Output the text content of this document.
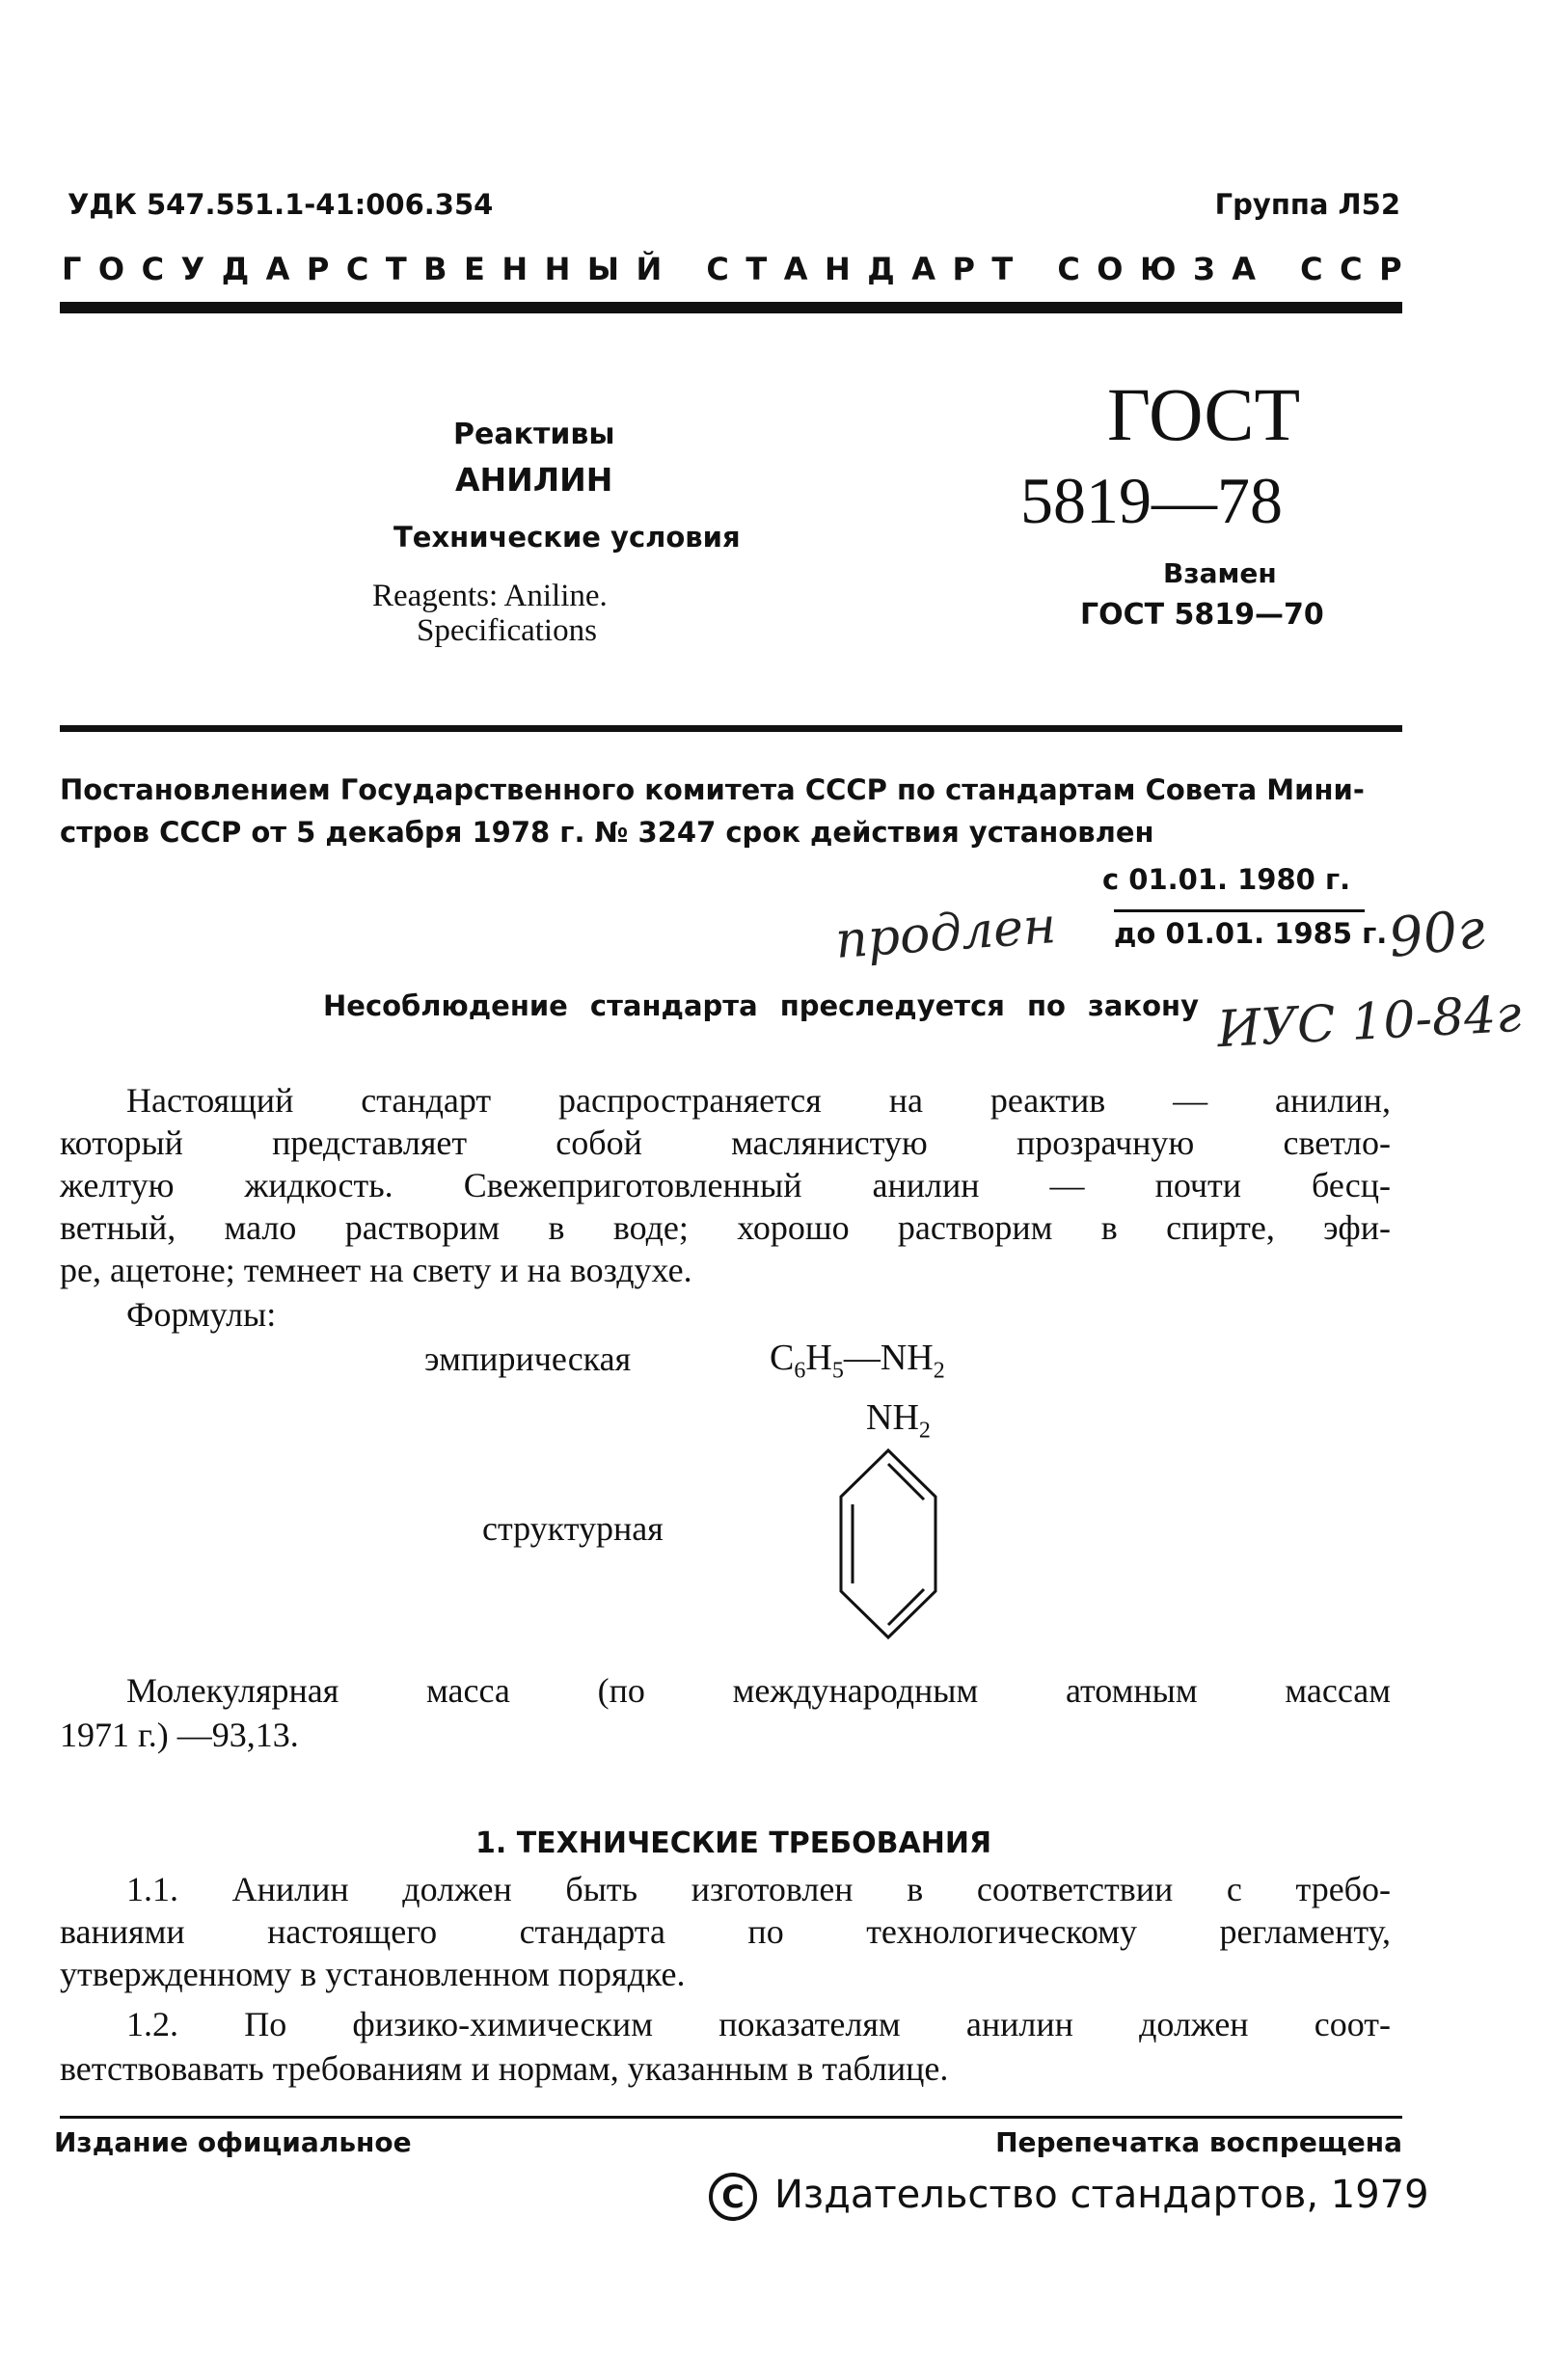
УДК 547.551.1-41:006.354	Группа Л52
Г О С У Д А Р С Т В Е Н Н Ы Й
С Т А Н Д А Р Т
С О Ю З А
С С Р
Реактивы
АНИЛИН
Технические условия
Reagents: Aniline.
Specifications
ГОСТ
5819—78
Взамен
ГОСТ 5819—70
Постановлением Государственного комитета СССР по стандартам Совета Мини-
стров СССР от 5 декабря 1978 г. № 3247 срок действия установлен
с 01.01. 1980 г.
до 01.01. 1985 г.
продлен	90г
Несоблюдение стандарта преследуется по закону ИУС 10-84г
Настоящий стандарт распространяется на реактив — анилин,
который представляет собой маслянистую прозрачную светло-
желтую жидкость. Свежеприготовленный анилин — почти бесц-
ветный, мало растворим в воде; хорошо растворим в спирте, эфи-
ре, ацетоне; темнеет на свету и на воздухе.
Формулы:
эмпирическая	$C_6H_5—NH_2$
$NH_2$
структурная
Молекулярная масса (по международным атомным массам
1971 г.) —93,13.
1. ТЕХНИЧЕСКИЕ ТРЕБОВАНИЯ
1.1. Анилин должен быть изготовлен в соответствии с требо-
ваниями настоящего стандарта по технологическому регламенту,
утвержденному в установленном порядке.
1.2. По физико-химическим показателям анилин должен соот-
ветствовавать требованиям и нормам, указанным в таблице.
Издание официальное	Перепечатка воспрещена
С Издательство стандартов, 1979
